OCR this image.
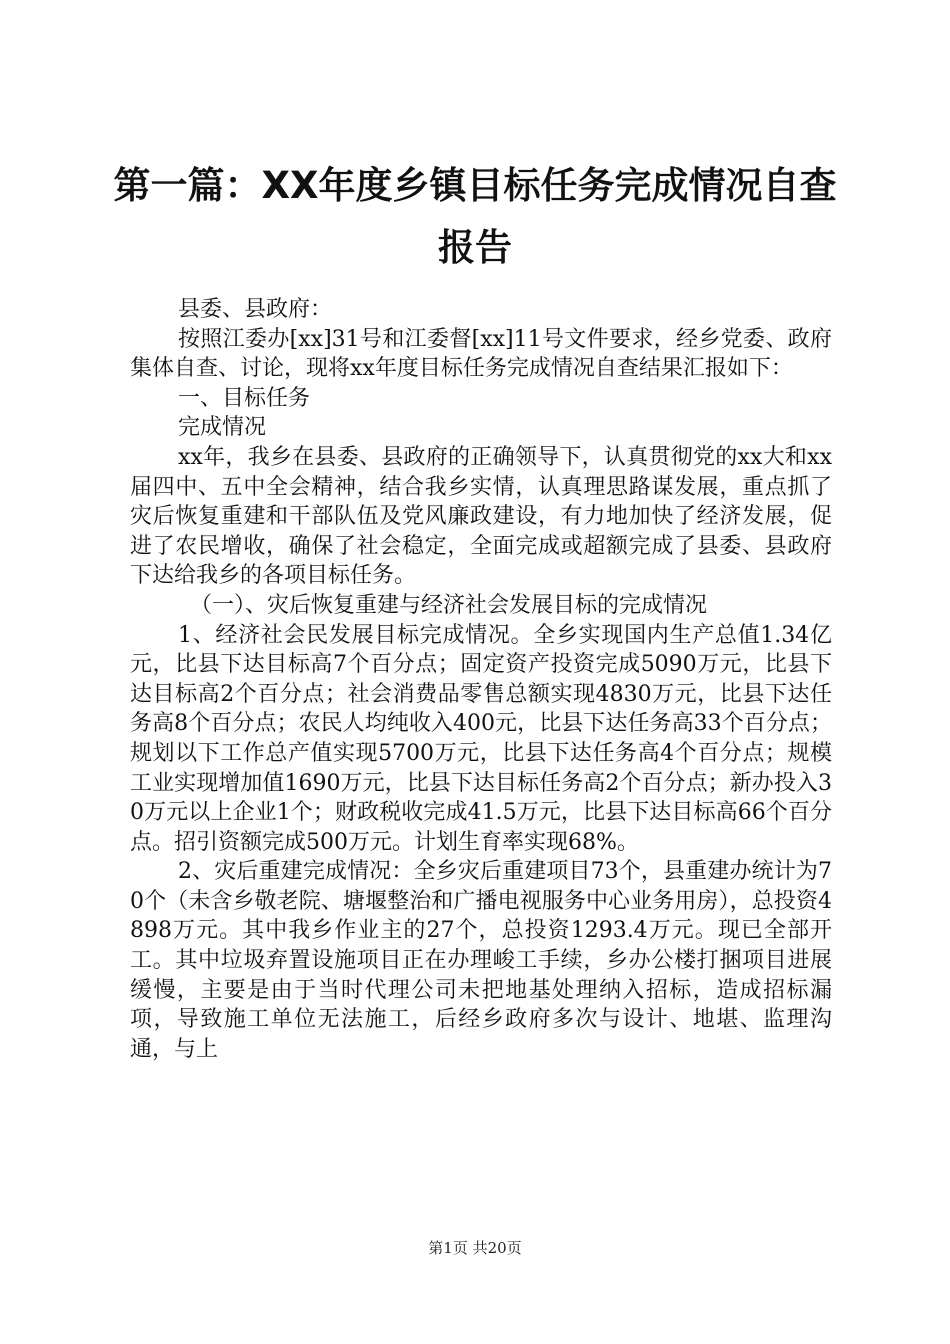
第一篇：XX年度乡镇目标任务完成情况自查报告

县委、县政府：

按照江委办[xx]31号和江委督[xx]11号文件要求，经乡党委、政府集体自查、讨论，现将xx年度目标任务完成情况自查结果汇报如下：

一、目标任务

完成情况

xx年，我乡在县委、县政府的正确领导下，认真贯彻党的xx大和xx届四中、五中全会精神，结合我乡实情，认真理思路谋发展，重点抓了灾后恢复重建和干部队伍及党风廉政建设，有力地加快了经济发展，促进了农民增收，确保了社会稳定，全面完成或超额完成了县委、县政府下达给我乡的各项目标任务。

（一）、灾后恢复重建与经济社会发展目标的完成情况

1、经济社会民发展目标完成情况。全乡实现国内生产总值1.34亿元，比县下达目标高7个百分点；固定资产投资完成5090万元，比县下达目标高2个百分点；社会消费品零售总额实现4830万元，比县下达任务高8个百分点；农民人均纯收入400元，比县下达任务高33个百分点；规划以下工作总产值实现5700万元，比县下达任务高4个百分点；规模工业实现增加值1690万元，比县下达目标任务高2个百分点；新办投入30万元以上企业1个；财政税收完成41.5万元，比县下达目标高66个百分点。招引资额完成500万元。计划生育率实现68%。

2、灾后重建完成情况：全乡灾后重建项目73个，县重建办统计为70个（未含乡敬老院、塘堰整治和广播电视服务中心业务用房），总投资4898万元。其中我乡作业主的27个，总投资1293.4万元。现已全部开工。其中垃圾弃置设施项目正在办理峻工手续，乡办公楼打捆项目进展缓慢，主要是由于当时代理公司未把地基处理纳入招标，造成招标漏项，导致施工单位无法施工，后经乡政府多次与设计、地堪、监理沟通，与上

第1页 共20页
